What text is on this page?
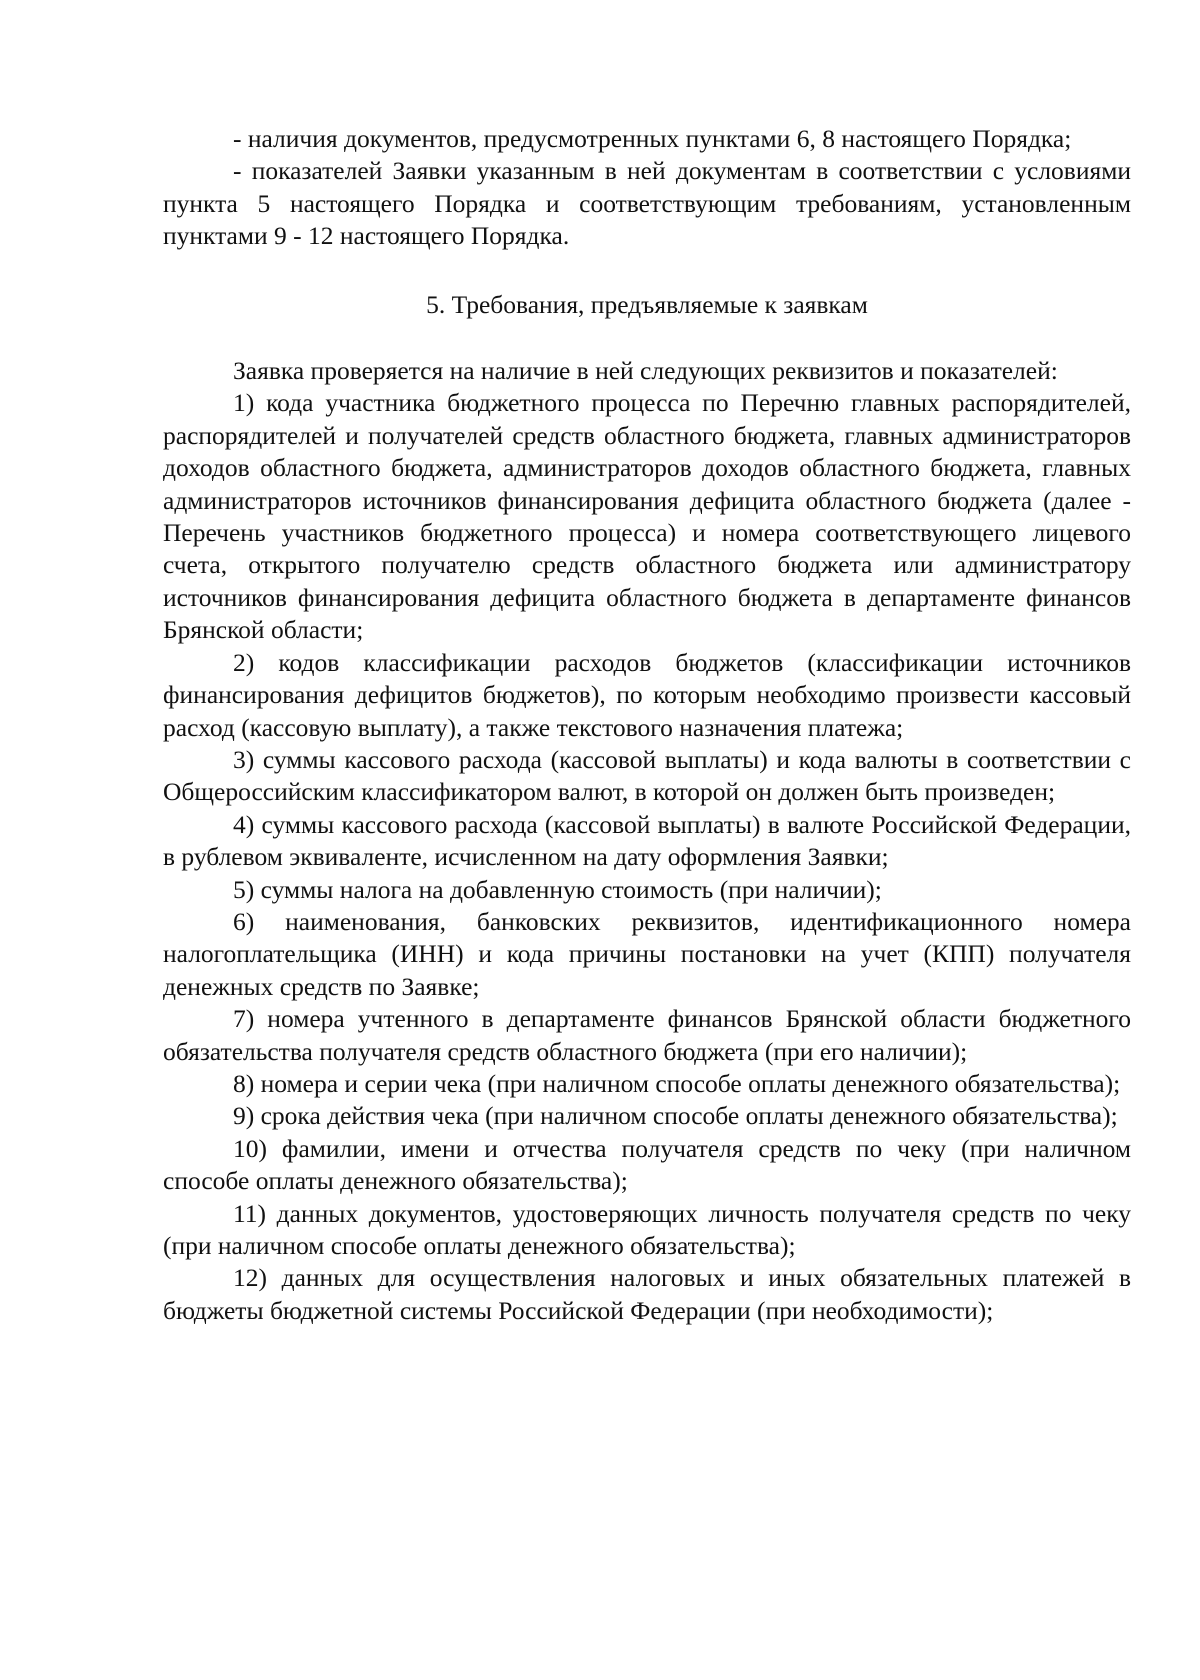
- наличия документов, предусмотренных пунктами 6, 8 настоящего Порядка;

- показателей Заявки указанным в ней документам в соответствии с условиями пункта 5 настоящего Порядка и соответствующим требованиям, установленным пунктами 9 - 12 настоящего Порядка.

5. Требования, предъявляемые к заявкам

Заявка проверяется на наличие в ней следующих реквизитов и показателей:

1) кода участника бюджетного процесса по Перечню главных распорядителей, распорядителей и получателей средств областного бюджета, главных администраторов доходов областного бюджета, администраторов доходов областного бюджета, главных администраторов источников финансирования дефицита областного бюджета (далее - Перечень участников бюджетного процесса) и номера соответствующего лицевого счета, открытого получателю средств областного бюджета или администратору источников финансирования дефицита областного бюджета в департаменте финансов Брянской области;

2) кодов классификации расходов бюджетов (классификации источников финансирования дефицитов бюджетов), по которым необходимо произвести кассовый расход (кассовую выплату), а также текстового назначения платежа;

3) суммы кассового расхода (кассовой выплаты) и кода валюты в соответствии с Общероссийским классификатором валют, в которой он должен быть произведен;

4) суммы кассового расхода (кассовой выплаты) в валюте Российской Федерации, в рублевом эквиваленте, исчисленном на дату оформления Заявки;

5) суммы налога на добавленную стоимость (при наличии);

6) наименования, банковских реквизитов, идентификационного номера налогоплательщика (ИНН) и кода причины постановки на учет (КПП) получателя денежных средств по Заявке;

7) номера учтенного в департаменте финансов Брянской области бюджетного обязательства получателя средств областного бюджета (при его наличии);

8) номера и серии чека (при наличном способе оплаты денежного обязательства);

9) срока действия чека (при наличном способе оплаты денежного обязательства);

10) фамилии, имени и отчества получателя средств по чеку (при наличном способе оплаты денежного обязательства);

11) данных документов, удостоверяющих личность получателя средств по чеку (при наличном способе оплаты денежного обязательства);

12) данных для осуществления налоговых и иных обязательных платежей в бюджеты бюджетной системы Российской Федерации (при необходимости);
